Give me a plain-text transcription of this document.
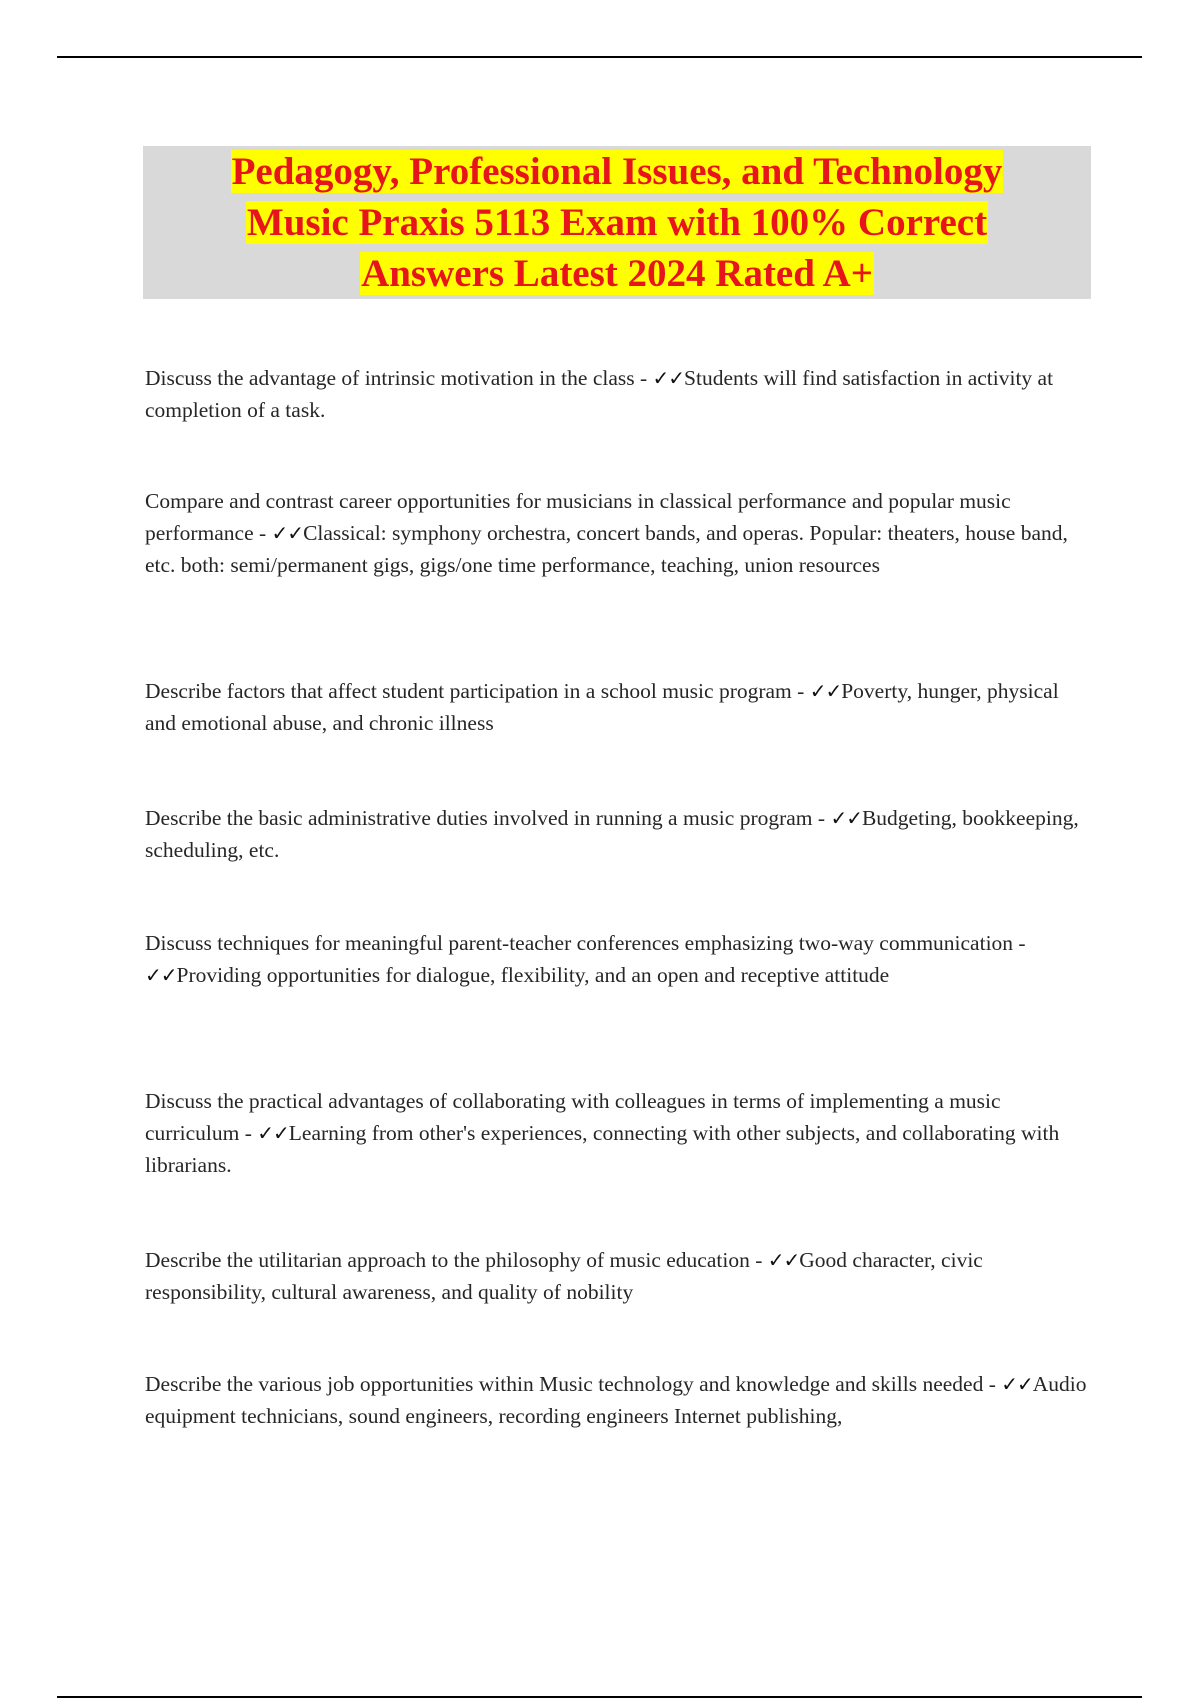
Pedagogy, Professional Issues, and Technology
Music Praxis 5113 Exam with 100% Correct
Answers Latest 2024 Rated A+

Discuss the advantage of intrinsic motivation in the class - ✓✓Students will find satisfaction in activity at completion of a task.

Compare and contrast career opportunities for musicians in classical performance and popular music performance - ✓✓Classical: symphony orchestra, concert bands, and operas. Popular: theaters, house band, etc. both: semi/permanent gigs, gigs/one time performance, teaching, union resources

Describe factors that affect student participation in a school music program - ✓✓Poverty, hunger, physical and emotional abuse, and chronic illness

Describe the basic administrative duties involved in running a music program - ✓✓Budgeting, bookkeeping, scheduling, etc.

Discuss techniques for meaningful parent-teacher conferences emphasizing two-way communication - ✓✓Providing opportunities for dialogue, flexibility, and an open and receptive attitude

Discuss the practical advantages of collaborating with colleagues in terms of implementing a music curriculum - ✓✓Learning from other's experiences, connecting with other subjects, and collaborating with librarians.

Describe the utilitarian approach to the philosophy of music education - ✓✓Good character, civic responsibility, cultural awareness, and quality of nobility

Describe the various job opportunities within Music technology and knowledge and skills needed - ✓✓Audio equipment technicians, sound engineers, recording engineers Internet publishing,
